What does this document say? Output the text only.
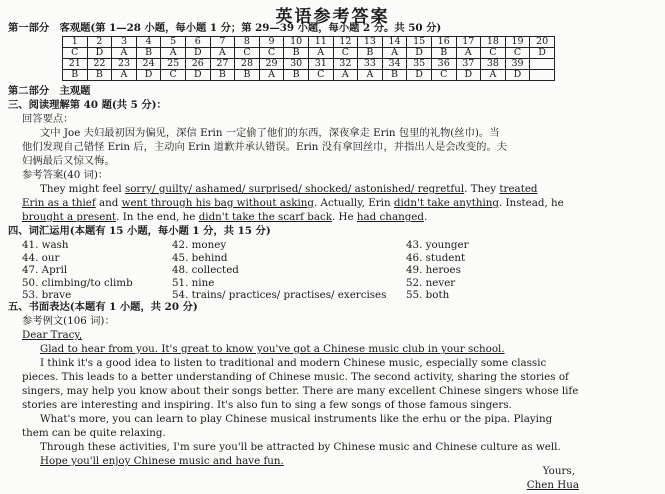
英语参考答案
第一部分　客观题(第 1—28 小题，每小题 1 分；第 29—39 小题，每小题 2 分。共 50 分)
1	2	3	4	5	6	7	8	9	10	11	12	13	14	15	16	17	18	19	20
C	D	A	B	A	D	A	C	C	B	A	C	B	A	D	B	A	C	C	D
21	22	23	24	25	26	27	28	29	30	31	32	33	34	35	36	37	38	39	
B	B	A	D	C	D	B	B	A	B	C	A	A	B	D	C	D	A	D	
第二部分　主观题
三、阅读理解第 40 题(共 5 分)：
回答要点：
文中 Joe 夫妇最初因为偏见，深信 Erin 一定偷了他们的东西，深夜拿走 Erin 包里的礼物(丝巾)。当
他们发现自己错怪 Erin 后，主动向 Erin 道歉并承认错误。Erin 没有拿回丝巾，并指出人是会改变的。夫
妇俩最后又惊又悔。
参考答案(40 词)：
They might feel sorry/ guilty/ ashamed/ surprised/ shocked/ astonished/ regretful. They treated
Erin as a thief and went through his bag without asking. Actually, Erin didn't take anything. Instead, he
brought a present. In the end, he didn't take the scarf back. He had changed.
四、词汇运用(本题有 15 小题，每小题 1 分，共 15 分)
41. wash	42. money	43. younger
44. our	45. behind	46. student
47. April	48. collected	49. heroes
50. climbing/to climb	51. nine	52. never
53. brave	54. trains/ practices/ practises/ exercises 55. both
五、书面表达(本题有 1 小题，共 20 分)
参考例文(106 词)：
Dear Tracy,
Glad to hear from you. It's great to know you've got a Chinese music club in your school.
I think it's a good idea to listen to traditional and modern Chinese music, especially some classic
pieces. This leads to a better understanding of Chinese music. The second activity, sharing the stories of
singers, may help you know about their songs better. There are many excellent Chinese singers whose life
stories are interesting and inspiring. It's also fun to sing a few songs of those famous singers.
What's more, you can learn to play Chinese musical instruments like the erhu or the pipa. Playing
them can be quite relaxing.
Through these activities, I'm sure you'll be attracted by Chinese music and Chinese culture as well.
Hope you'll enjoy Chinese music and have fun.
Yours,
Chen Hua
